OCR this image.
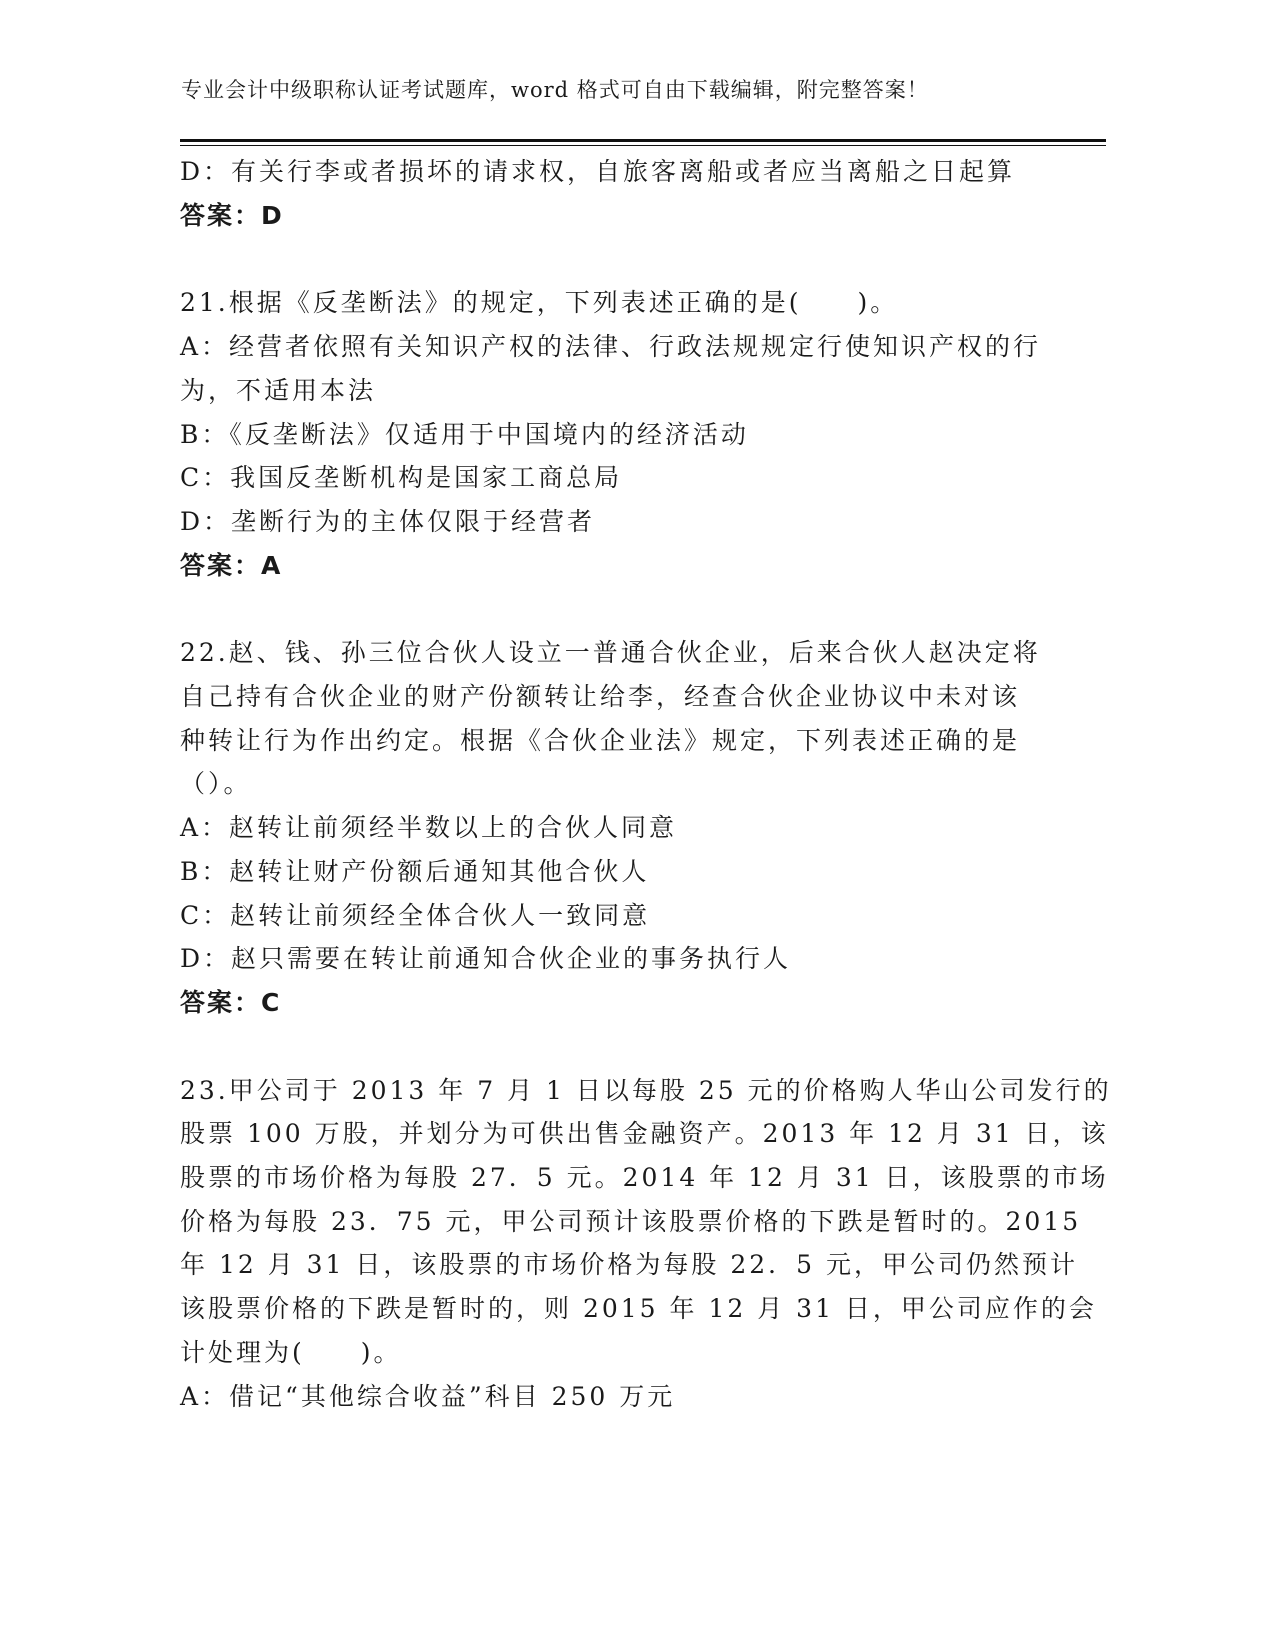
专业会计中级职称认证考试题库，word 格式可自由下载编辑，附完整答案！
D：有关行李或者损坏的请求权，自旅客离船或者应当离船之日起算
答案：D
21.根据《反垄断法》的规定，下列表述正确的是(　　)。
A：经营者依照有关知识产权的法律、行政法规规定行使知识产权的行
为，不适用本法
B：《反垄断法》仅适用于中国境内的经济活动
C：我国反垄断机构是国家工商总局
D：垄断行为的主体仅限于经营者
答案：A
22.赵、钱、孙三位合伙人设立一普通合伙企业，后来合伙人赵决定将
自己持有合伙企业的财产份额转让给李，经查合伙企业协议中未对该
种转让行为作出约定。根据《合伙企业法》规定，下列表述正确的是
（）。
A：赵转让前须经半数以上的合伙人同意
B：赵转让财产份额后通知其他合伙人
C：赵转让前须经全体合伙人一致同意
D：赵只需要在转让前通知合伙企业的事务执行人
答案：C
23.甲公司于 2013 年 7 月 1 日以每股 25 元的价格购人华山公司发行的
股票 100 万股，并划分为可供出售金融资产。2013 年 12 月 31 日，该
股票的市场价格为每股 27．5 元。2014 年 12 月 31 日，该股票的市场
价格为每股 23．75 元，甲公司预计该股票价格的下跌是暂时的。2015
年 12 月 31 日，该股票的市场价格为每股 22．5 元，甲公司仍然预计
该股票价格的下跌是暂时的，则 2015 年 12 月 31 日，甲公司应作的会
计处理为(　　)。
A：借记“其他综合收益”科目 250 万元
